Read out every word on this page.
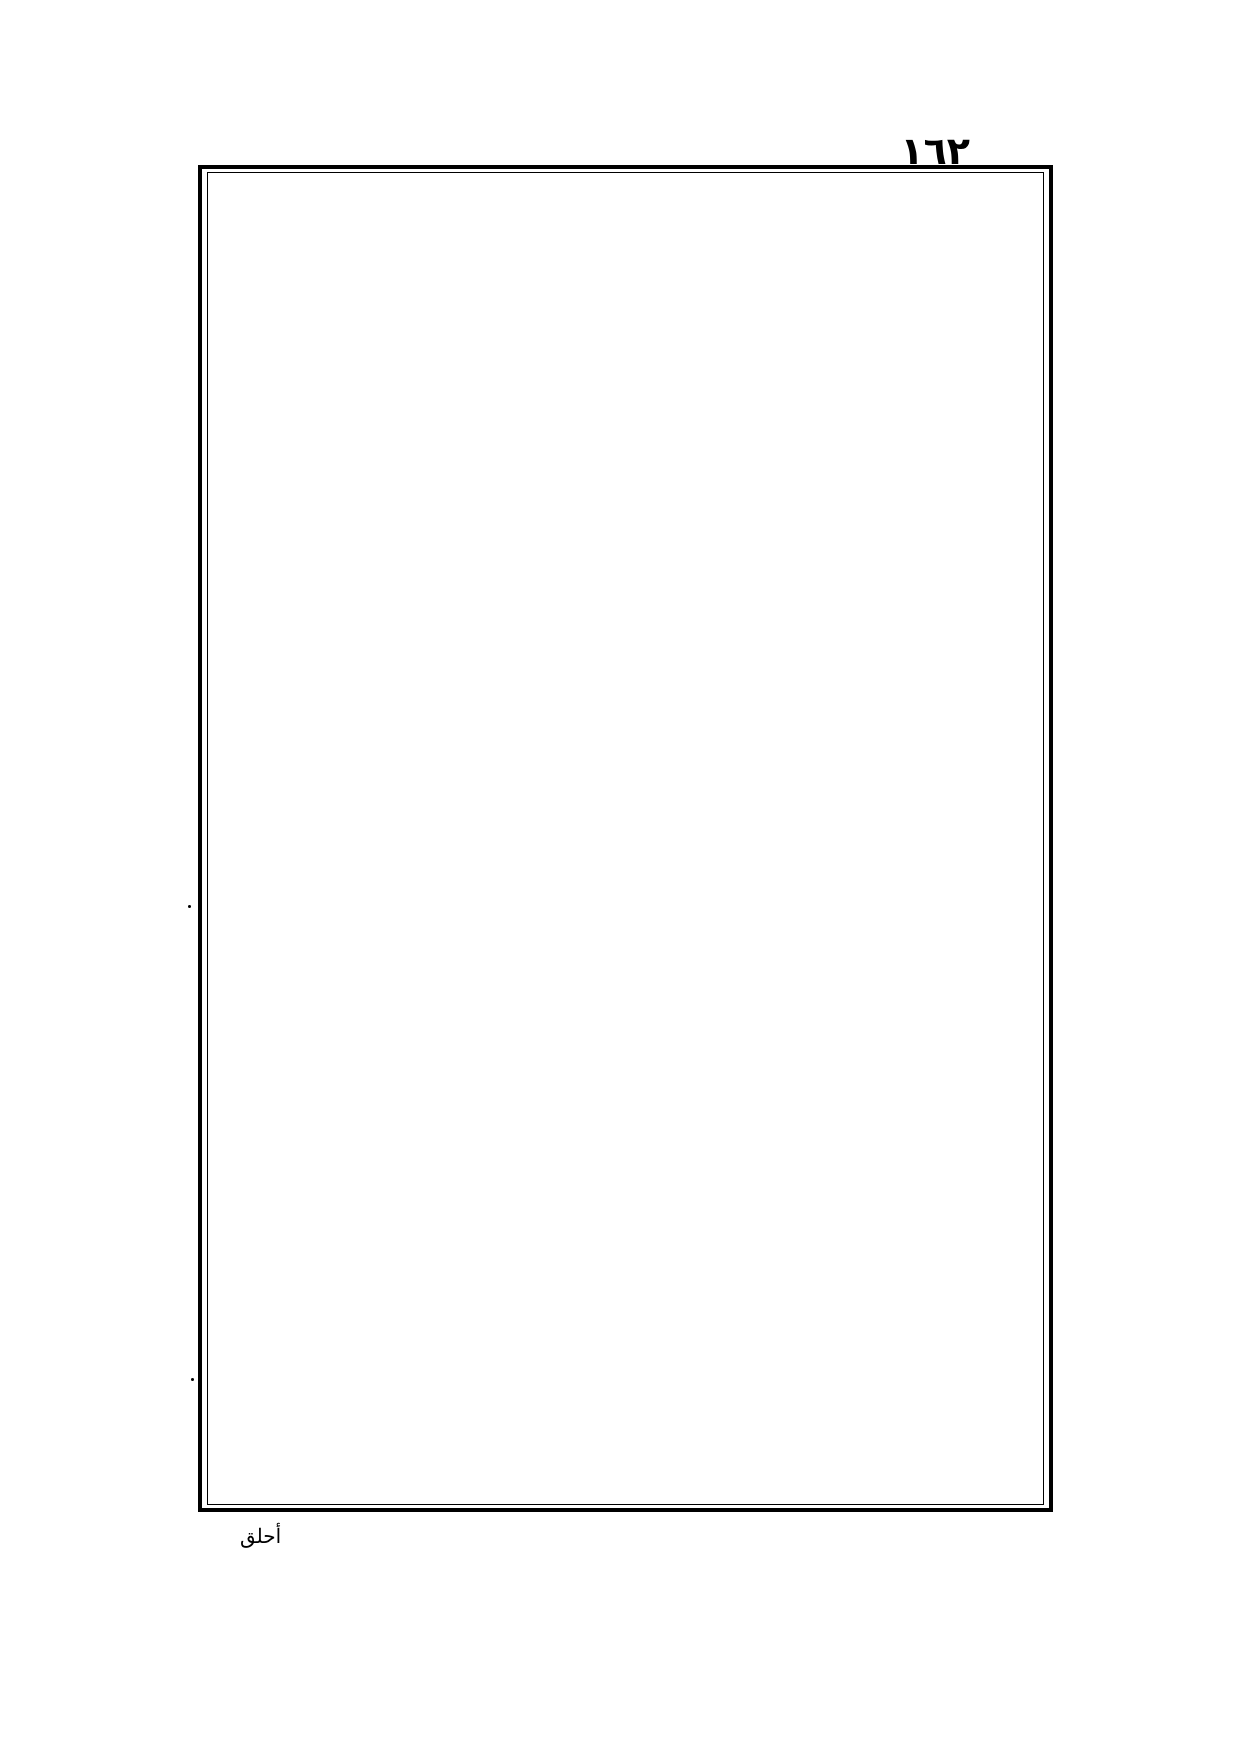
١٦٢
أحلق
